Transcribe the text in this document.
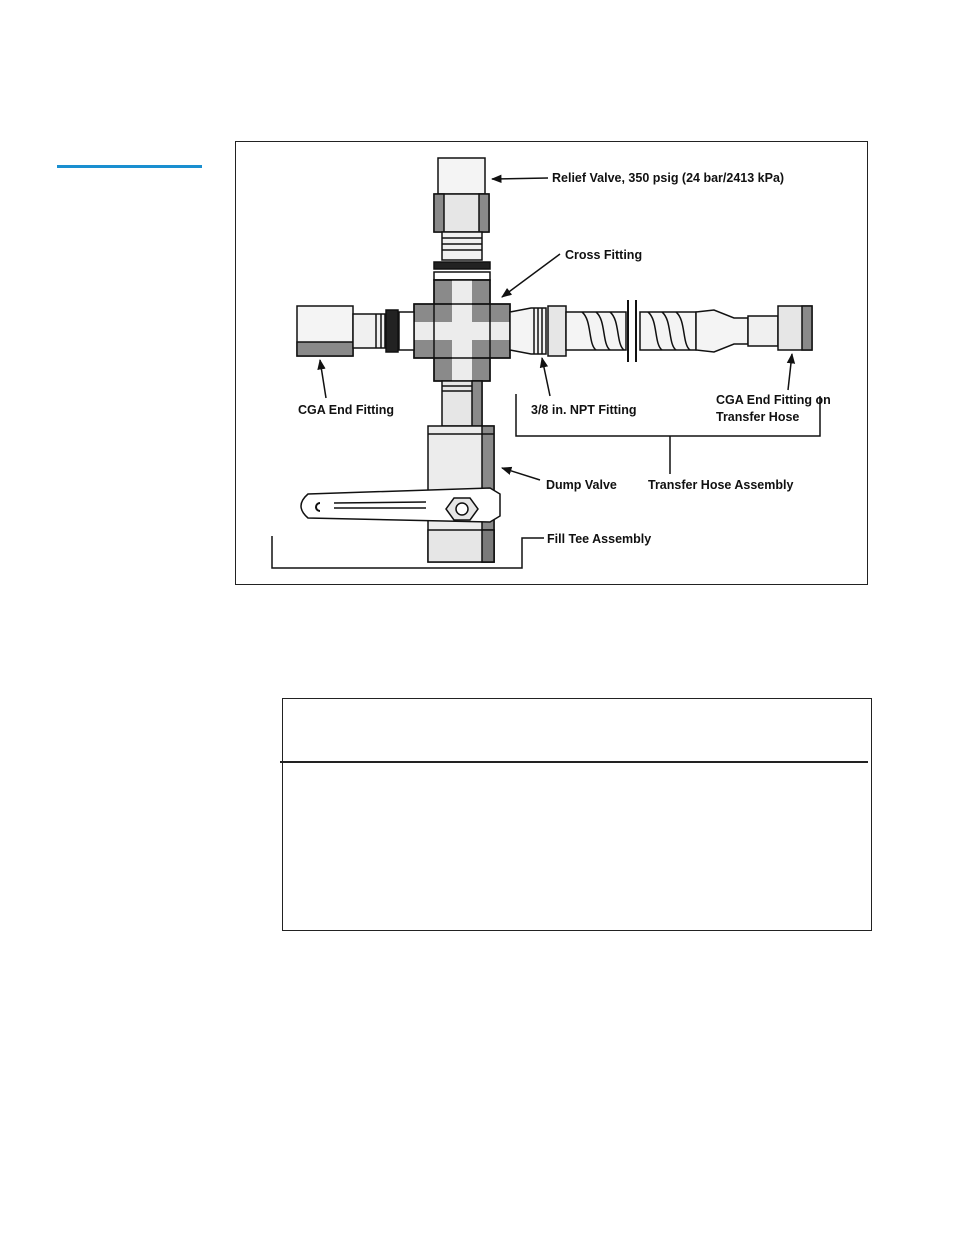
Relief Valve, 350 psig (24 bar/2413 kPa)
Cross Fitting
CGA End Fitting	3/8 in. NPT Fitting
CGA End Fitting on
Transfer Hose
Dump Valve Transfer Hose Assembly
Fill Tee Assembly
